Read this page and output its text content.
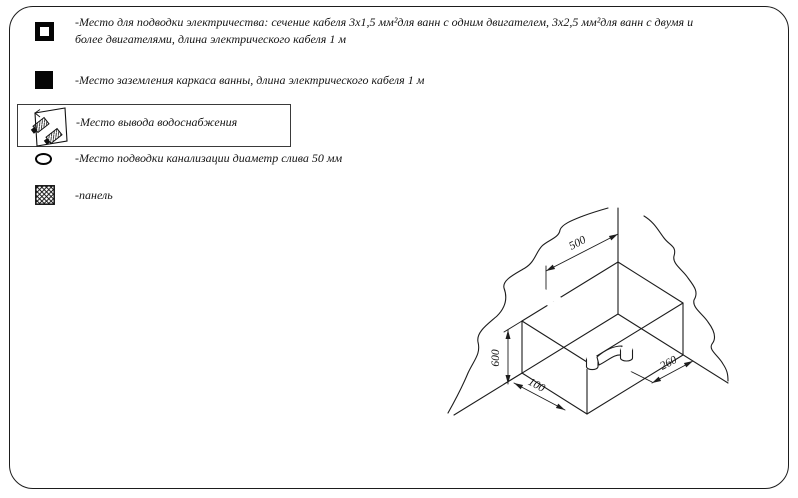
-Место для подводки электричества: сечение кабеля 3х1,5 мм²для ванн с одним двигателем, 3х2,5 мм²для ванн с двумя и
более двигателями, длина электрического кабеля 1 м
-Место заземления каркаса ванны, длина электрического кабеля 1 м
-Место вывода водоснабжения
-Место подводки канализации диаметр слива 50 мм
-панель
500
600
100
260
